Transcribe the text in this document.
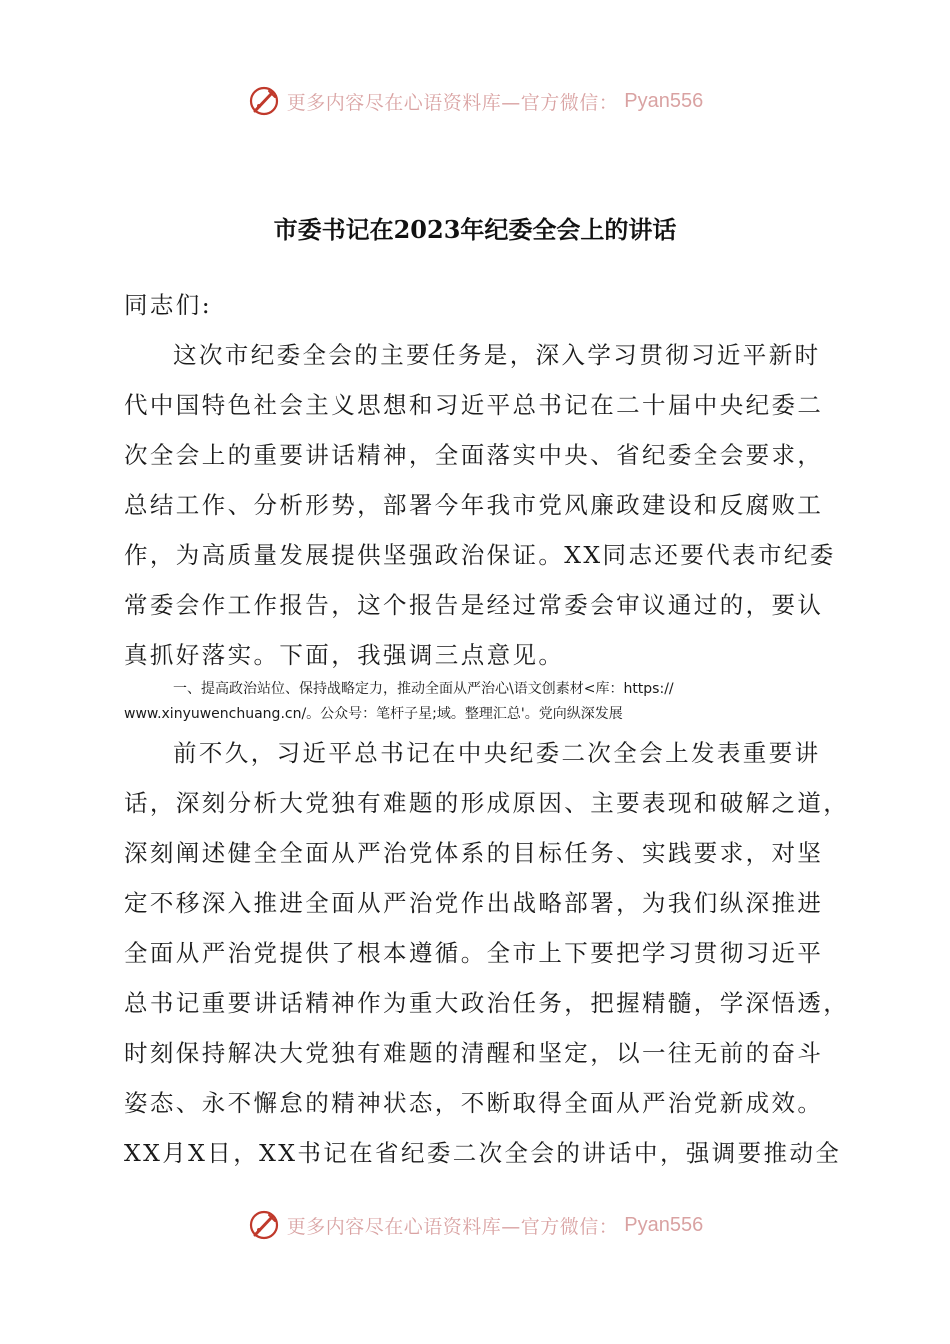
更多内容尽在心语资料库—官方微信： Pyan556
市委书记在2023年纪委全会上的讲话
同志们:
这次市纪委全会的主要任务是，深入学习贯彻习近平新时
代中国特色社会主义思想和习近平总书记在二十届中央纪委二
次全会上的重要讲话精神，全面落实中央、省纪委全会要求，
总结工作、分析形势，部署今年我市党风廉政建设和反腐败工
作，为高质量发展提供坚强政治保证。XX同志还要代表市纪委
常委会作工作报告，这个报告是经过常委会审议通过的，要认
真抓好落实。下面，我强调三点意见。
一、提高政治站位、保持战略定力，推动全面从严治心\语文创素材<库：https://
www.xinyuwenchuang.cn/。公众号：笔杆子星;域。整理汇总'。党向纵深发展
前不久，习近平总书记在中央纪委二次全会上发表重要讲
话，深刻分析大党独有难题的形成原因、主要表现和破解之道，
深刻阐述健全全面从严治党体系的目标任务、实践要求，对坚
定不移深入推进全面从严治党作出战略部署，为我们纵深推进
全面从严治党提供了根本遵循。全市上下要把学习贯彻习近平
总书记重要讲话精神作为重大政治任务，把握精髓，学深悟透，
时刻保持解决大党独有难题的清醒和坚定，以一往无前的奋斗
姿态、永不懈怠的精神状态，不断取得全面从严治党新成效。
XX月X日，XX书记在省纪委二次全会的讲话中，强调要推动全
更多内容尽在心语资料库—官方微信： Pyan556
